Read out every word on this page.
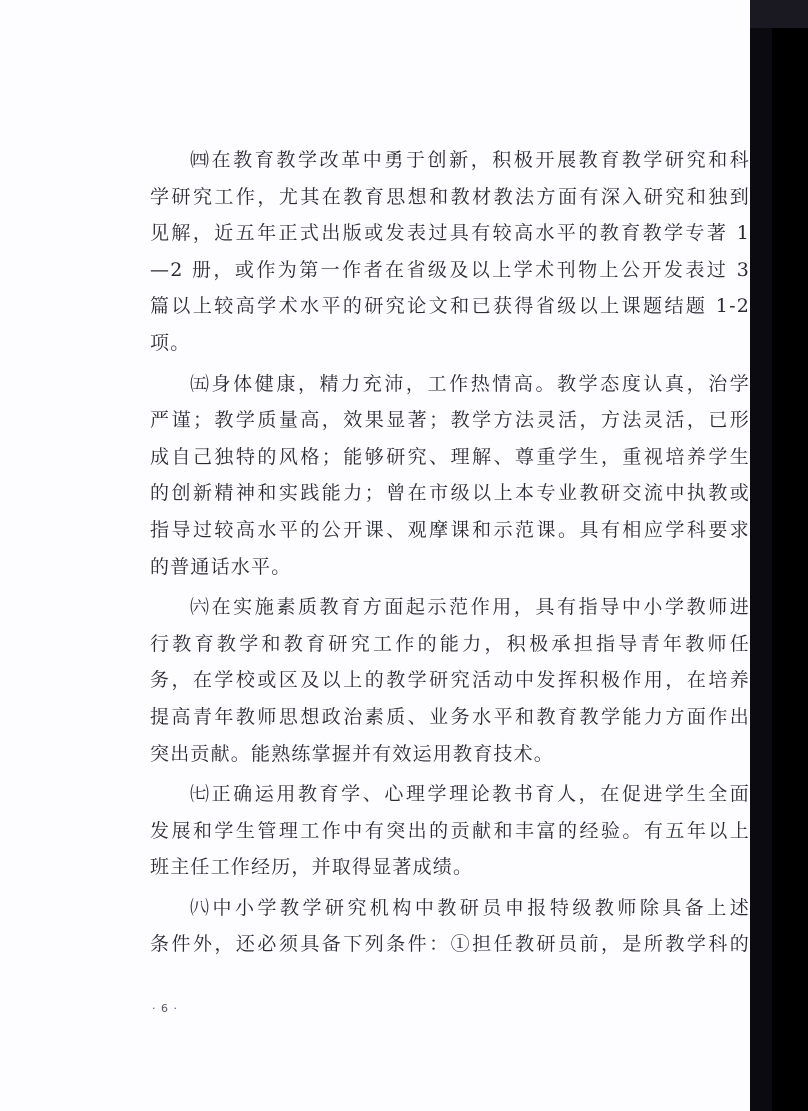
㈣在教育教学改革中勇于创新，积极开展教育教学研究和科
学研究工作，尤其在教育思想和教材教法方面有深入研究和独到
见解，近五年正式出版或发表过具有较高水平的教育教学专著 1
—2 册，或作为第一作者在省级及以上学术刊物上公开发表过 3
篇以上较高学术水平的研究论文和已获得省级以上课题结题 1-2
项。
㈤身体健康，精力充沛，工作热情高。教学态度认真，治学
严谨；教学质量高，效果显著；教学方法灵活，方法灵活，已形
成自己独特的风格；能够研究、理解、尊重学生，重视培养学生
的创新精神和实践能力；曾在市级以上本专业教研交流中执教或
指导过较高水平的公开课、观摩课和示范课。具有相应学科要求
的普通话水平。
㈥在实施素质教育方面起示范作用，具有指导中小学教师进
行教育教学和教育研究工作的能力，积极承担指导青年教师任
务，在学校或区及以上的教学研究活动中发挥积极作用，在培养
提高青年教师思想政治素质、业务水平和教育教学能力方面作出
突出贡献。能熟练掌握并有效运用教育技术。
㈦正确运用教育学、心理学理论教书育人，在促进学生全面
发展和学生管理工作中有突出的贡献和丰富的经验。有五年以上
班主任工作经历，并取得显著成绩。
㈧中小学教学研究机构中教研员申报特级教师除具备上述
条件外，还必须具备下列条件：①担任教研员前，是所教学科的
· 6 ·
